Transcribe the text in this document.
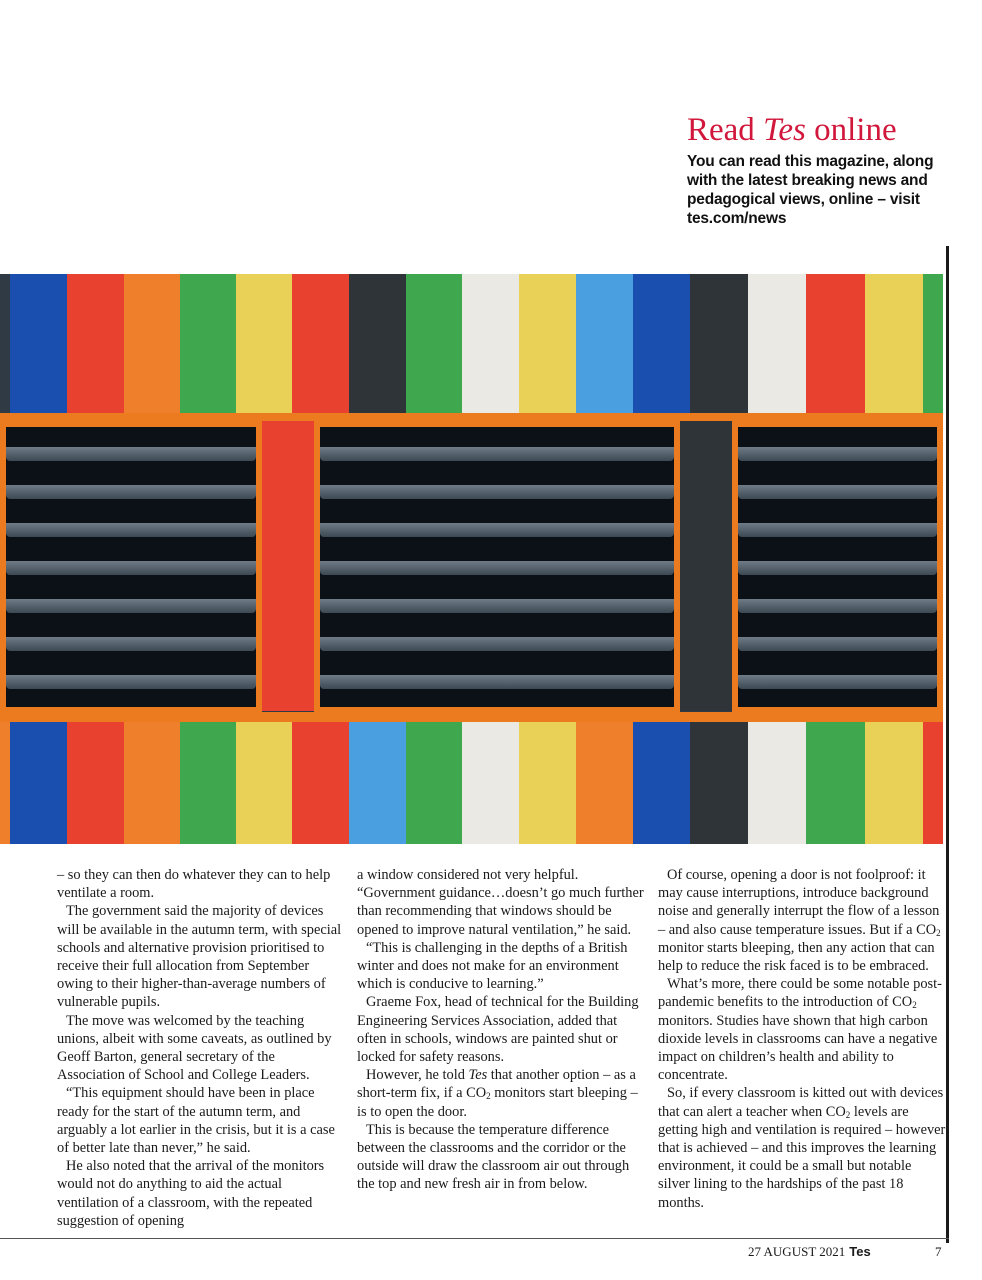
Read Tes online

You can read this magazine, along with the latest breaking news and pedagogical views, online – visit tes.com/news

– so they can then do whatever they can to help ventilate a room.

The government said the majority of devices will be available in the autumn term, with special schools and alternative provision prioritised to receive their full allocation from September owing to their higher-than-average numbers of vulnerable pupils.

The move was welcomed by the teaching unions, albeit with some caveats, as outlined by Geoff Barton, general secretary of the Association of School and College Leaders.

“This equipment should have been in place ready for the start of the autumn term, and arguably a lot earlier in the crisis, but it is a case of better late than never,” he said.

He also noted that the arrival of the monitors would not do anything to aid the actual ventilation of a classroom, with the repeated suggestion of opening

a window considered not very helpful. “Government guidance…doesn’t go much further than recommending that windows should be opened to improve natural ventilation,” he said.

“This is challenging in the depths of a British winter and does not make for an environment which is conducive to learning.”

Graeme Fox, head of technical for the Building Engineering Services Association, added that often in schools, windows are painted shut or locked for safety reasons.

However, he told Tes that another option – as a short-term fix, if a $CO_2$ monitors start bleeping – is to open the door.

This is because the temperature difference between the classrooms and the corridor or the outside will draw the classroom air out through the top and new fresh air in from below.

Of course, opening a door is not foolproof: it may cause interruptions, introduce background noise and generally interrupt the flow of a lesson – and also cause temperature issues. But if a $CO_2$ monitor starts bleeping, then any action that can help to reduce the risk faced is to be embraced.

What’s more, there could be some notable post-pandemic benefits to the introduction of $CO_2$ monitors. Studies have shown that high carbon dioxide levels in classrooms can have a negative impact on children’s health and ability to concentrate.

So, if every classroom is kitted out with devices that can alert a teacher when $CO_2$ levels are getting high and ventilation is required – however that is achieved – and this improves the learning environment, it could be a small but notable silver lining to the hardships of the past 18 months.

27 AUGUST 2021 Tes	7
